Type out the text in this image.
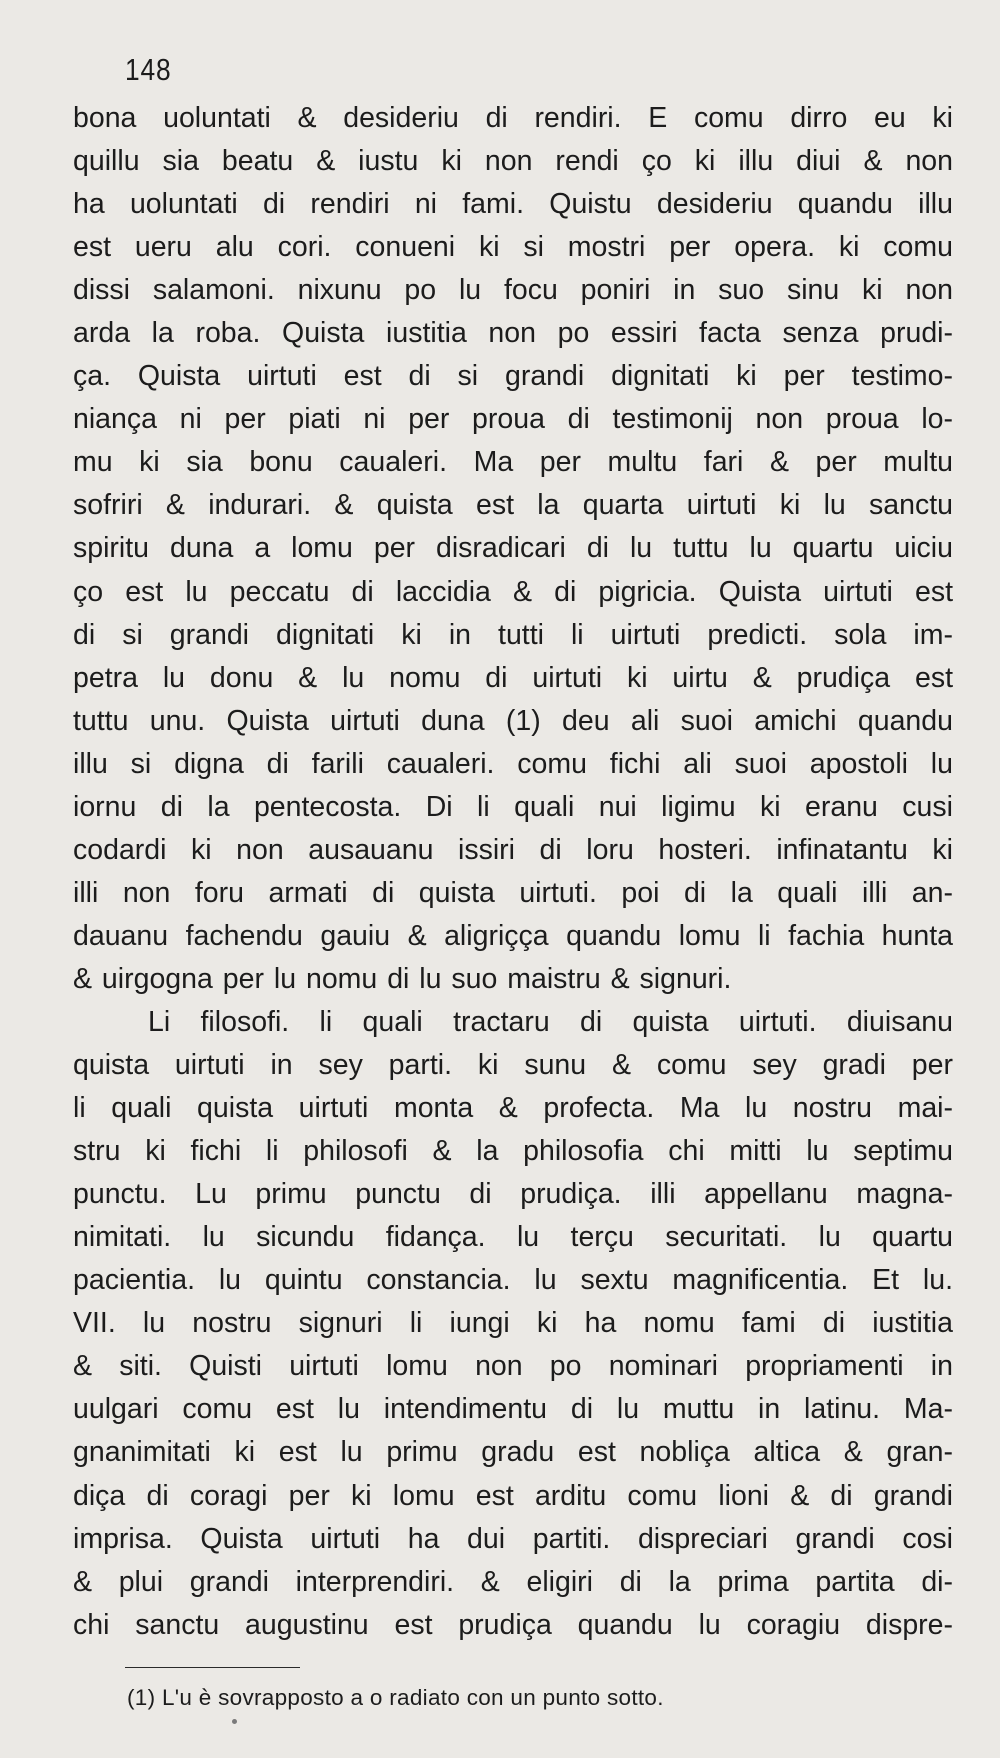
148
bona uoluntati & desideriu di rendiri. E comu dirro eu ki
quillu sia beatu & iustu ki non rendi ço ki illu diui & non
ha uoluntati di rendiri ni fami. Quistu desideriu quandu illu
est ueru alu cori. conueni ki si mostri per opera. ki comu
dissi salamoni. nixunu po lu focu poniri in suo sinu ki non
arda la roba. Quista iustitia non po essiri facta senza prudi-
ça. Quista uirtuti est di si grandi dignitati ki per testimo-
niança ni per piati ni per proua di testimonij non proua lo-
mu ki sia bonu caualeri. Ma per multu fari & per multu
sofriri & indurari. & quista est la quarta uirtuti ki lu sanctu
spiritu duna a lomu per disradicari di lu tuttu lu quartu uiciu
ço est lu peccatu di laccidia & di pigricia. Quista uirtuti est
di si grandi dignitati ki in tutti li uirtuti predicti. sola im-
petra lu donu & lu nomu di uirtuti ki uirtu & prudiça est
tuttu unu. Quista uirtuti duna (1) deu ali suoi amichi quandu
illu si digna di farili caualeri. comu fichi ali suoi apostoli lu
iornu di la pentecosta. Di li quali nui ligimu ki eranu cusi
codardi ki non ausauanu issiri di loru hosteri. infinatantu ki
illi non foru armati di quista uirtuti. poi di la quali illi an-
dauanu fachendu gauiu & aligriçça quandu lomu li fachia hunta
& uirgogna per lu nomu di lu suo maistru & signuri.
Li filosofi. li quali tractaru di quista uirtuti. diuisanu
quista uirtuti in sey parti. ki sunu & comu sey gradi per
li quali quista uirtuti monta & profecta. Ma lu nostru mai-
stru ki fichi li philosofi & la philosofia chi mitti lu septimu
punctu. Lu primu punctu di prudiça. illi appellanu magna-
nimitati. lu sicundu fidança. lu terçu securitati. lu quartu
pacientia. lu quintu constancia. lu sextu magnificentia. Et lu.
VII. lu nostru signuri li iungi ki ha nomu fami di iustitia
& siti. Quisti uirtuti lomu non po nominari propriamenti in
uulgari comu est lu intendimentu di lu muttu in latinu. Ma-
gnanimitati ki est lu primu gradu est nobliça altica & gran-
diça di coragi per ki lomu est arditu comu lioni & di grandi
imprisa. Quista uirtuti ha dui partiti. dispreciari grandi cosi
& plui grandi interprendiri. & eligiri di la prima partita di-
chi sanctu augustinu est prudiça quandu lu coragiu dispre-
(1) L'u è sovrapposto a o radiato con un punto sotto.
